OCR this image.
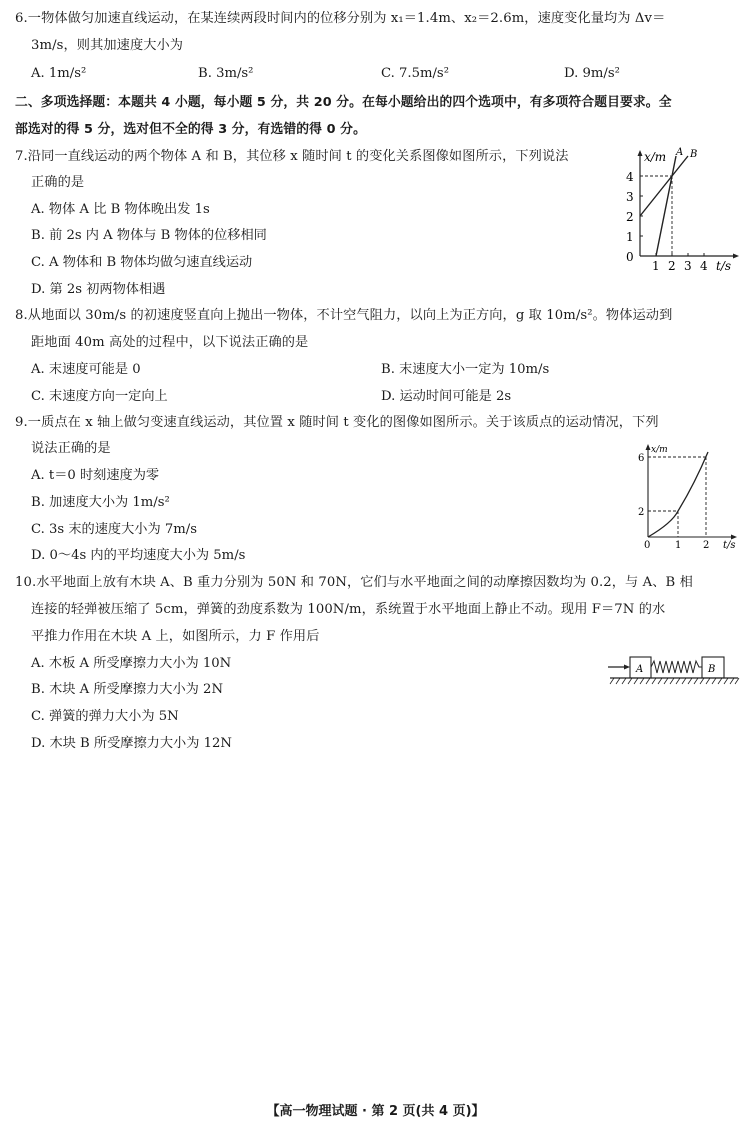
6.一物体做匀加速直线运动，在某连续两段时间内的位移分别为 x₁＝1.4m、x₂＝2.6m，速度变化量均为 Δv＝
3m/s，则其加速度大小为
A. 1m/s²	B. 3m/s²	C. 7.5m/s²	D. 9m/s²
二、多项选择题：本题共 4 小题，每小题 5 分，共 20 分。在每小题给出的四个选项中，有多项符合题目要求。全
部选对的得 5 分，选对但不全的得 3 分，有选错的得 0 分。
7.沿同一直线运动的两个物体 A 和 B，其位移 x 随时间 t 的变化关系图像如图所示，下列说法
正确的是
A. 物体 A 比 B 物体晚出发 1s
B. 前 2s 内 A 物体与 B 物体的位移相同
C. A 物体和 B 物体均做匀速直线运动
D. 第 2s 初两物体相遇
x/m
t/s
A B
0
1
2
3
4
1 2 3 4
8.从地面以 30m/s 的初速度竖直向上抛出一物体，不计空气阻力，以向上为正方向，g 取 10m/s²。物体运动到
距地面 40m 高处的过程中，以下说法正确的是
A. 末速度可能是 0	B. 末速度大小一定为 10m/s
C. 末速度方向一定向上	D. 运动时间可能是 2s
9.一质点在 x 轴上做匀变速直线运动，其位置 x 随时间 t 变化的图像如图所示。关于该质点的运动情况，下列
说法正确的是
A. t＝0 时刻速度为零
B. 加速度大小为 1m/s²
C. 3s 末的速度大小为 7m/s
D. 0～4s 内的平均速度大小为 5m/s
x/m
t/s
2
6
0 1 2
10.水平地面上放有木块 A、B 重力分别为 50N 和 70N，它们与水平地面之间的动摩擦因数均为 0.2，与 A、B 相
连接的轻弹被压缩了 5cm，弹簧的劲度系数为 100N/m，系统置于水平地面上静止不动。现用 F＝7N 的水
平推力作用在木块 A 上，如图所示，力 F 作用后
A. 木板 A 所受摩擦力大小为 10N
B. 木块 A 所受摩擦力大小为 2N
C. 弹簧的弹力大小为 5N
D. 木块 B 所受摩擦力大小为 12N
A	B
【高一物理试题 · 第 2 页(共 4 页)】
